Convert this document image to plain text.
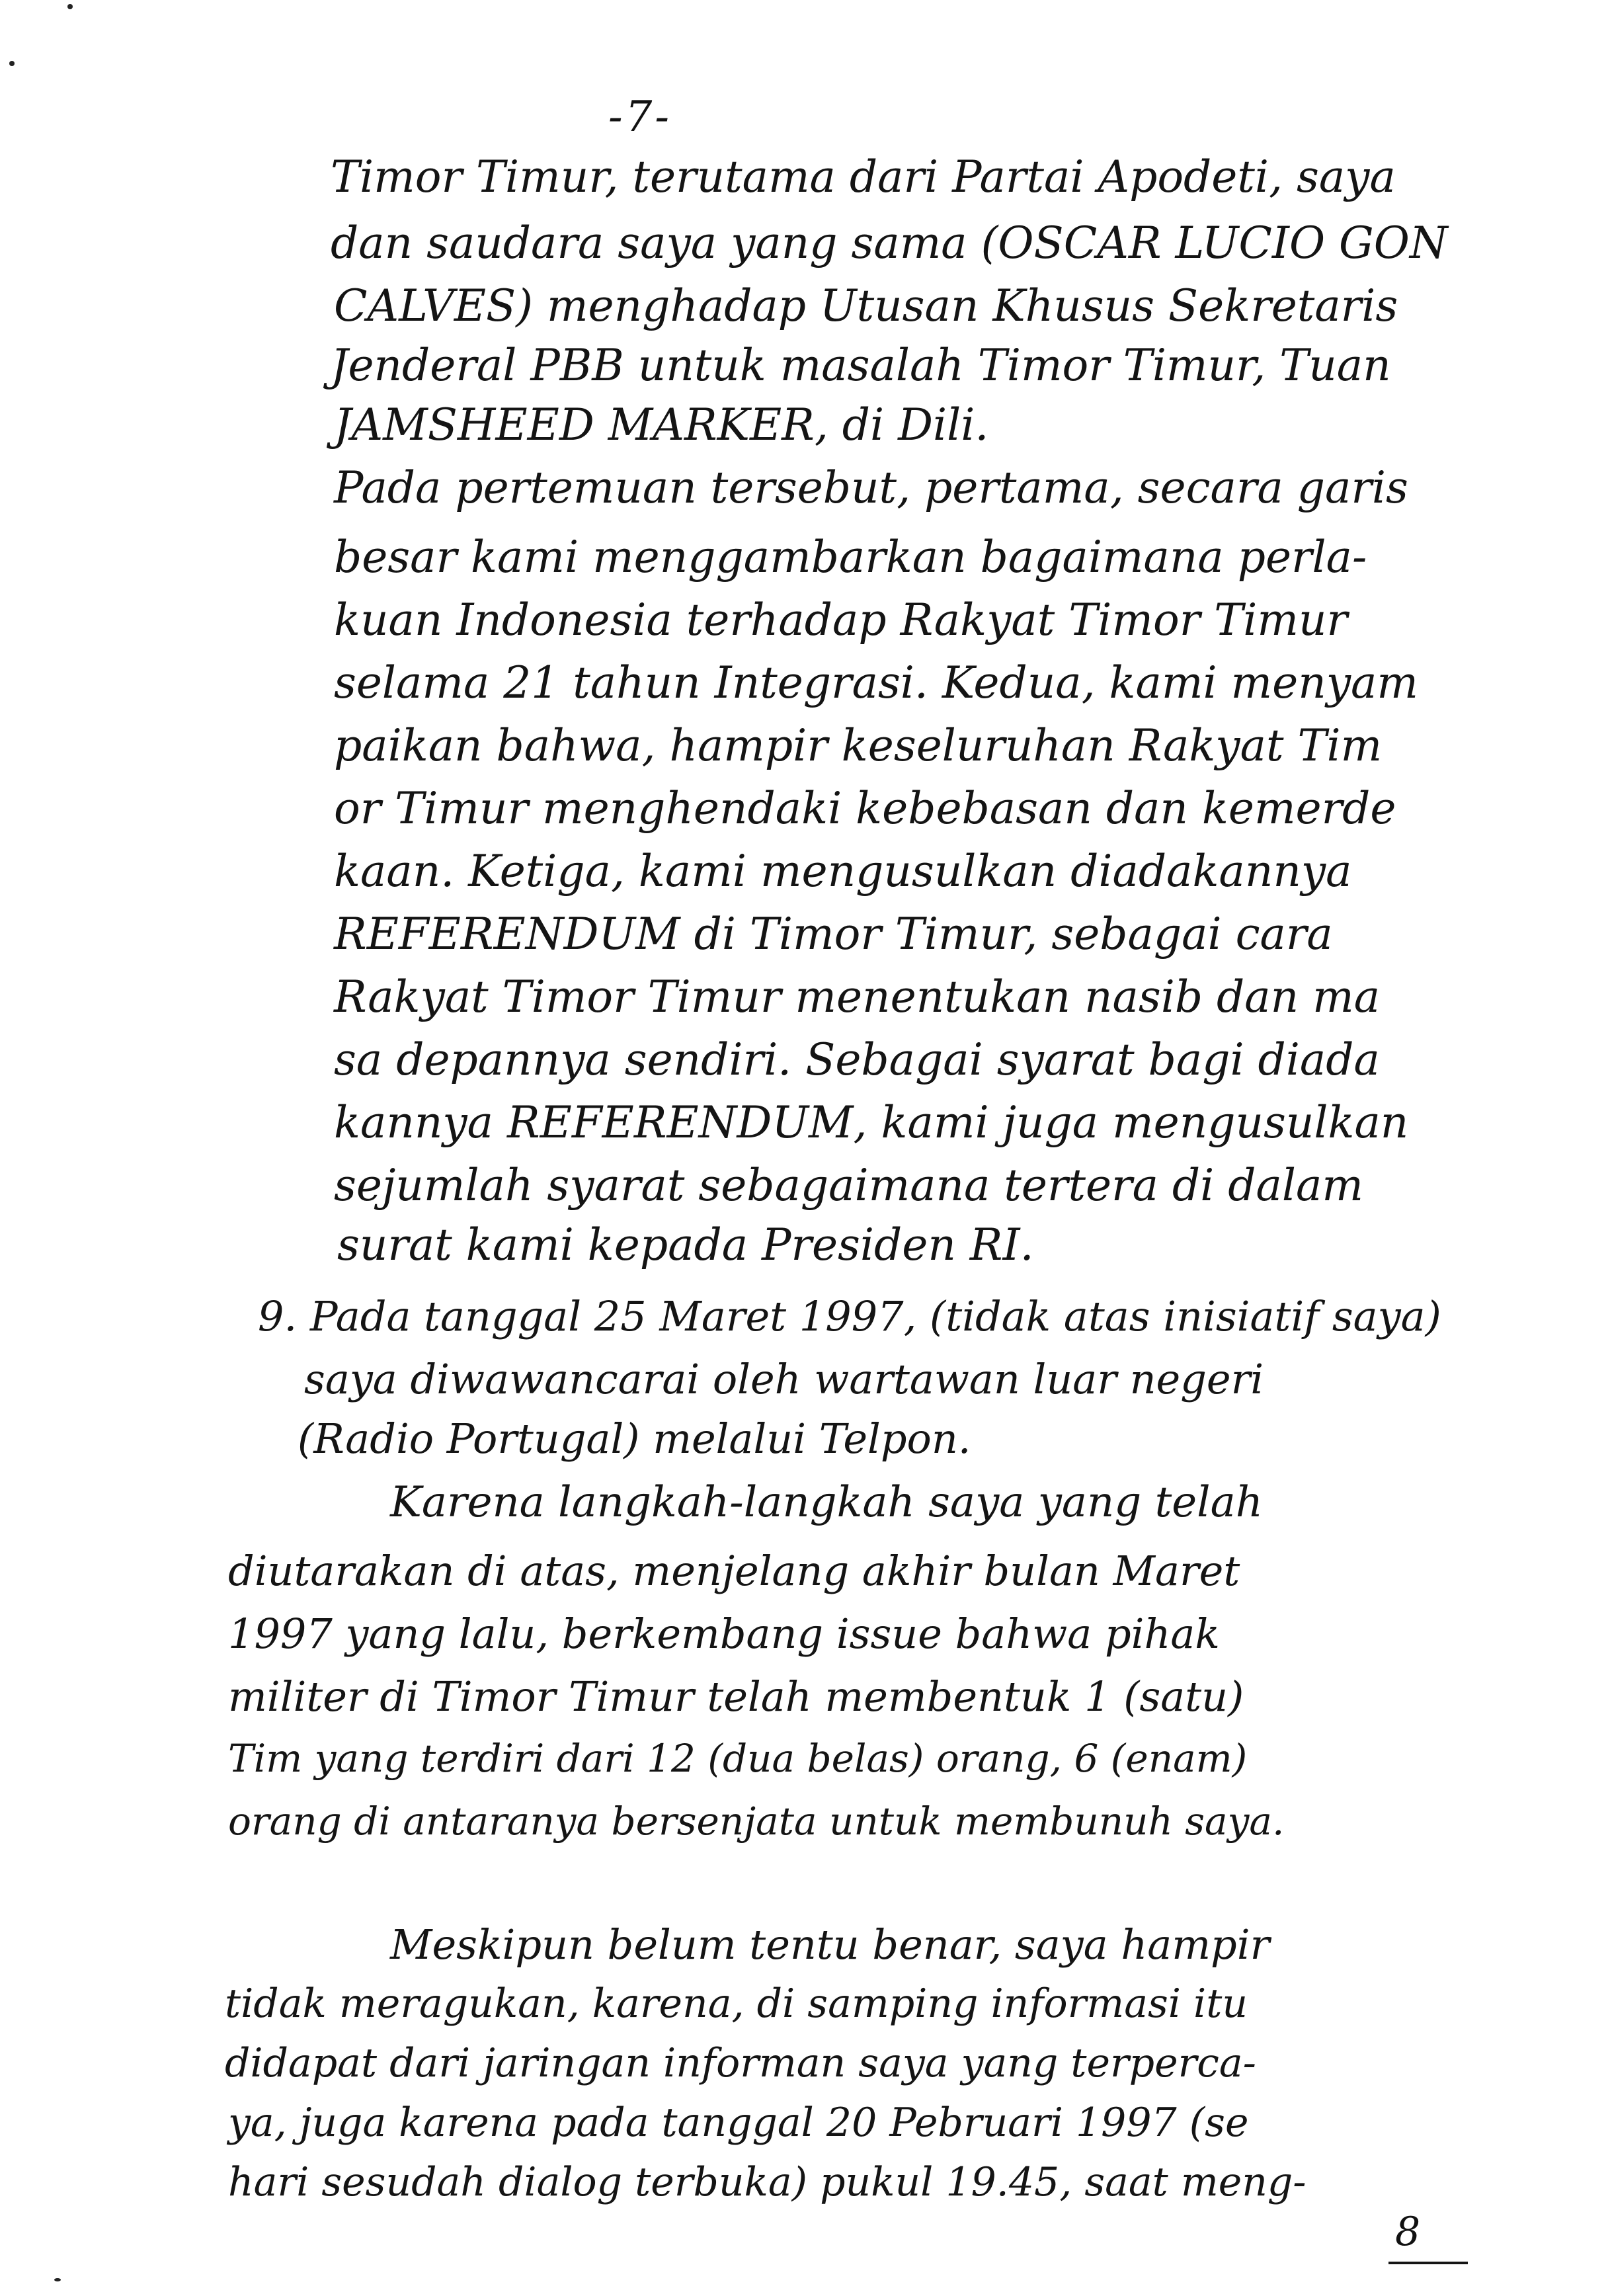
-7-
Timor Timur, terutama dari Partai Apodeti, saya
dan saudara saya yang sama (OSCAR LUCIO GON
CALVES) menghadap Utusan Khusus Sekretaris
Jenderal PBB untuk masalah Timor Timur, Tuan
JAMSHEED MARKER, di Dili.
Pada pertemuan tersebut, pertama, secara garis
besar kami menggambarkan bagaimana perla-
kuan Indonesia terhadap Rakyat Timor Timur
selama 21 tahun Integrasi. Kedua, kami menyam
paikan bahwa, hampir keseluruhan Rakyat Tim
or Timur menghendaki kebebasan dan kemerde
kaan. Ketiga, kami mengusulkan diadakannya
REFERENDUM di Timor Timur, sebagai cara
Rakyat Timor Timur menentukan nasib dan ma
sa depannya sendiri. Sebagai syarat bagi diada
kannya REFERENDUM, kami juga mengusulkan
sejumlah syarat sebagaimana tertera di dalam
surat kami kepada Presiden RI.
9. Pada tanggal 25 Maret 1997, (tidak atas inisiatif saya)
saya diwawancarai oleh wartawan luar negeri
(Radio Portugal) melalui Telpon.
Karena langkah-langkah saya yang telah
diutarakan di atas, menjelang akhir bulan Maret
1997 yang lalu, berkembang issue bahwa pihak
militer di Timor Timur telah membentuk 1 (satu)
Tim yang terdiri dari 12 (dua belas) orang, 6 (enam)
orang di antaranya bersenjata untuk membunuh saya.
Meskipun belum tentu benar, saya hampir
tidak meragukan, karena, di samping informasi itu
didapat dari jaringan informan saya yang terperca-
ya, juga karena pada tanggal 20 Pebruari 1997 (se
hari sesudah dialog terbuka) pukul 19.45, saat meng-
8
